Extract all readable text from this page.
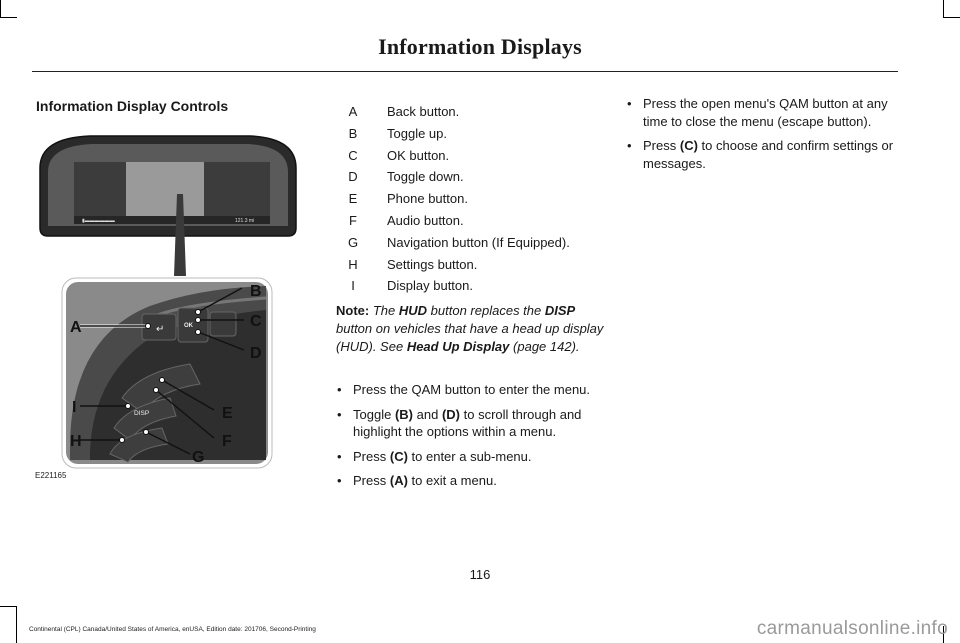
Information Displays
Information Display Controls
▮▬▬▬▬▬▬	121.3 mi
↵	OK
DISP
A
B
C
D
E
F
G
H
I
E221165
A	Back button.
B	Toggle up.
C	OK button.
D	Toggle down.
E	Phone button.
F	Audio button.
G	Navigation button (If Equipped).
H	Settings button.
I	Display button.
Note: The HUD button replaces the DISP button on vehicles that have a head up display (HUD). See Head Up Display (page 142).
• Press the QAM button to enter the menu.
• Toggle (B) and (D) to scroll through and highlight the options within a menu.
• Press (C) to enter a sub-menu.
• Press (A) to exit a menu.
• Press the open menu's QAM button at any time to close the menu (escape button).
• Press (C) to choose and confirm settings or messages.
116
Continental (CPL) Canada/United States of America, enUSA, Edition date: 201706, Second-Printing	carmanualsonline.info
